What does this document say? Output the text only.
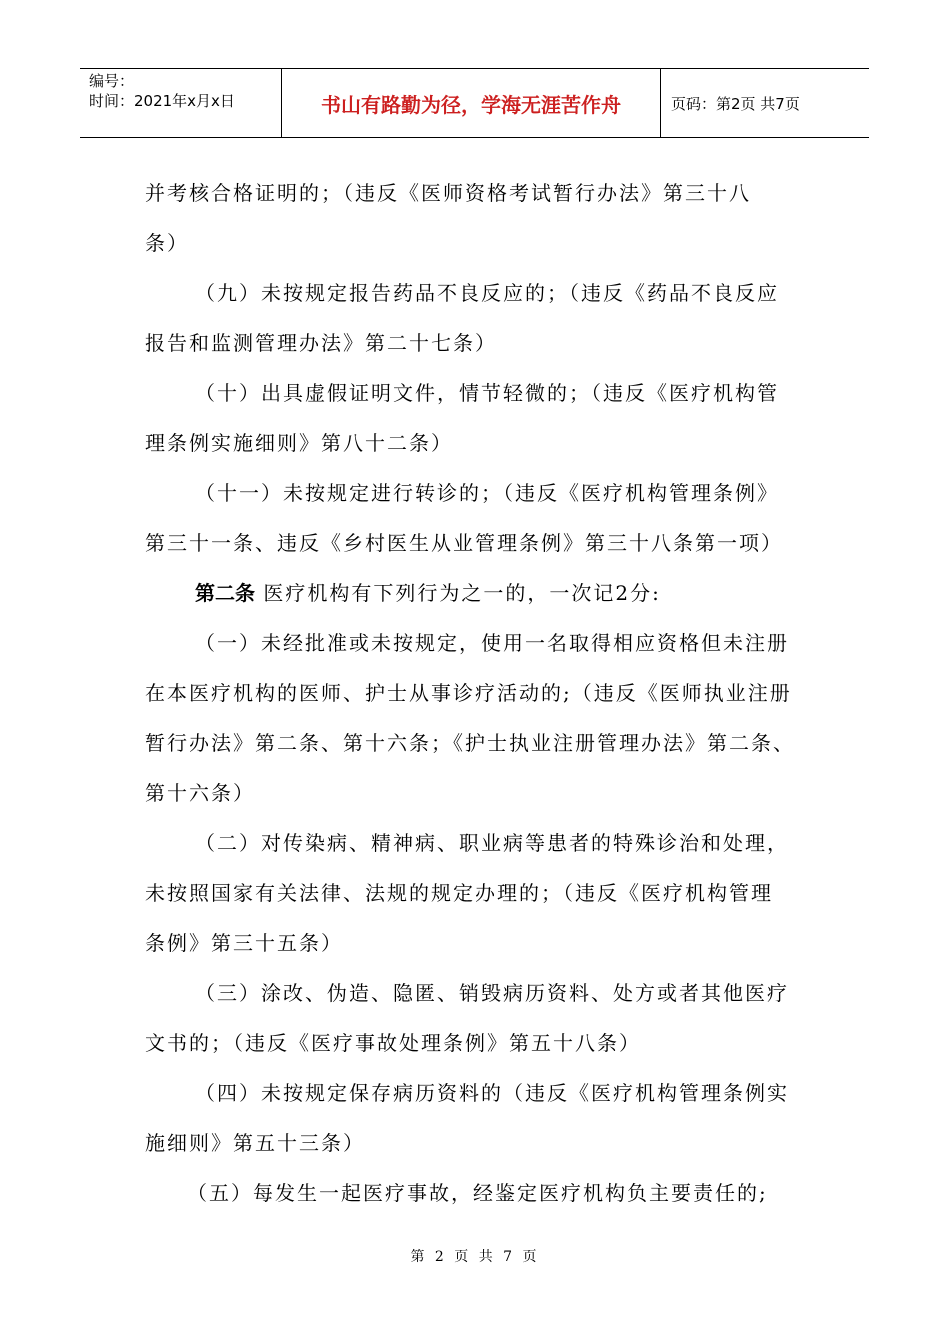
编号：
时间：2021年x月x日	书山有路勤为径，学海无涯苦作舟	页码：第2页 共7页

并考核合格证明的；（违反《医师资格考试暂行办法》第三十八

条）

（九）未按规定报告药品不良反应的；（违反《药品不良反应

报告和监测管理办法》第二十七条）

（十）出具虚假证明文件，情节轻微的；（违反《医疗机构管

理条例实施细则》第八十二条）

（十一）未按规定进行转诊的；（违反《医疗机构管理条例》

第三十一条、违反《乡村医生从业管理条例》第三十八条第一项）

第二条 医疗机构有下列行为之一的，一次记2分:

（一）未经批准或未按规定，使用一名取得相应资格但未注册

在本医疗机构的医师、护士从事诊疗活动的;（违反《医师执业注册

暂行办法》第二条、第十六条；《护士执业注册管理办法》第二条、

第十六条）

（二）对传染病、精神病、职业病等患者的特殊诊治和处理，

未按照国家有关法律、法规的规定办理的；（违反《医疗机构管理

条例》第三十五条）

（三）涂改、伪造、隐匿、销毁病历资料、处方或者其他医疗

文书的；（违反《医疗事故处理条例》第五十八条）

（四）未按规定保存病历资料的（违反《医疗机构管理条例实

施细则》第五十三条）

（五）每发生一起医疗事故，经鉴定医疗机构负主要责任的;

第 2 页 共 7 页
